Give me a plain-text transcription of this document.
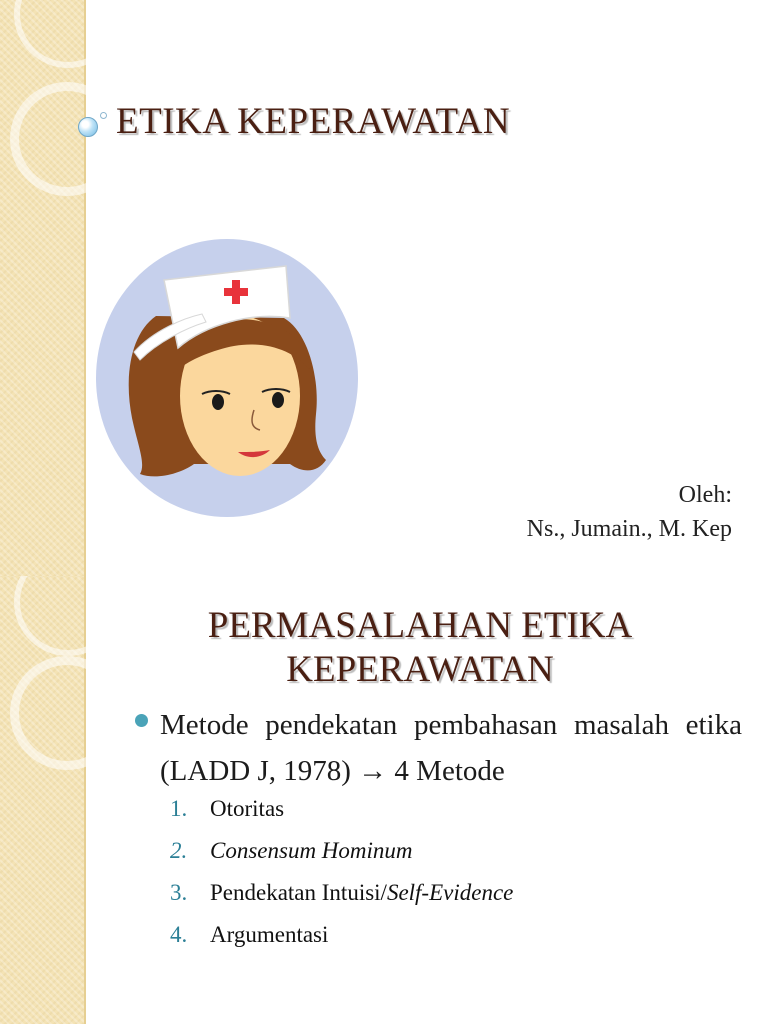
ETIKA KEPERAWATAN
Oleh:
Ns., Jumain., M. Kep
PERMASALAHAN ETIKA
KEPERAWATAN
Metode pendekatan pembahasan masalah etika (LADD J, 1978) → 4 Metode
1. Otoritas
2. Consensum Hominum
3. Pendekatan Intuisi/Self-Evidence
4. Argumentasi
